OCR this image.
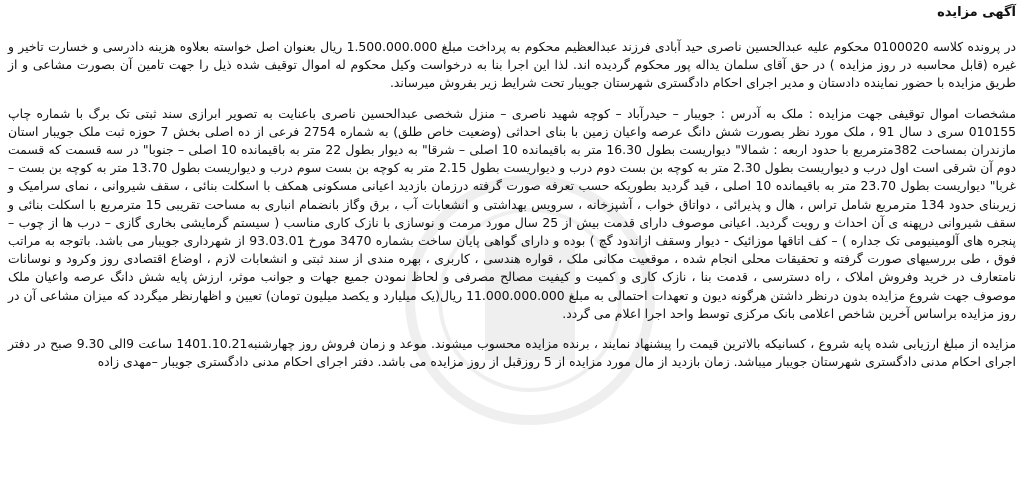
آگهی مزایده

در پرونده کلاسه 0100020 محکوم علیه عبدالحسین ناصری حید آبادی فرزند عبدالعظیم محکوم به پرداخت مبلغ 1.500.000.000 ریال بعنوان اصل خواسته بعلاوه هزینه دادرسی و خسارت تاخیر و غیره (قابل محاسبه در روز مزایده ) در حق آقای سلمان یداله پور محکوم گردیده اند. لذا این اجرا بنا به درخواست وکیل محکوم له اموال توقیف شده ذیل را جهت تامین آن بصورت مشاعی و از طریق مزایده با حضور نماینده دادستان و مدیر اجرای احکام دادگستری شهرستان جویبار تحت شرایط زیر بفروش میرساند.

مشخصات اموال توقیفی جهت مزایده : ملک به آدرس : جویبار – حیدرآباد – کوچه شهید ناصری – منزل شخصی عبدالحسین ناصری باعنایت به تصویر ابرازی سند ثبتی تک برگ با شماره چاپ 010155 سری د سال 91 ، ملک مورد نظر بصورت شش دانگ عرصه واعیان زمین با بنای احداثی (وضعیت خاص طلق) به شماره 2754 فرعی از ده اصلی بخش 7 حوزه ثبت ملک جویبار استان مازندران بمساحت 382مترمربع با حدود اربعه : شمالا" دیواریست بطول 16.30 متر به باقیمانده 10 اصلی – شرقا" به دیوار بطول 22 متر به باقیمانده 10 اصلی – جنوبا" در سه قسمت که قسمت دوم آن شرقی است اول درب و دیواریست بطول 2.30 متر به کوچه بن بست دوم درب و دیواریست بطول 2.15 متر به کوچه بن بست سوم درب و دیواریست بطول 13.70 متر به کوچه بن بست – غربا" دیواریست بطول 23.70 متر به باقیمانده 10 اصلی ، قید گردید بطوریکه حسب تعرفه صورت گرفته درزمان بازدید اعیانی مسکونی همکف با اسکلت بنائی ، سقف شیروانی ، نمای سرامیک و زیربنای حدود 134 مترمربع شامل تراس ، هال و پذیرائی ، دواتاق خواب ، آشپزخانه ، سرویس بهداشتی و انشعابات آب ، برق وگاز بانضمام انباری به مساحت تقریبی 15 مترمربع با اسکلت بنائی و سقف شیروانی درپهنه ی آن احداث و رویت گردید. اعیانی موصوف دارای قدمت بیش از 25 سال مورد مرمت و نوسازی با نازک کاری مناسب ( سیستم گرمایشی بخاری گازی – درب ها از چوب – پنجره های آلومینیومی تک جداره ) – کف اتاقها موزائیک - دیوار وسقف ازاندود گچ ) بوده و دارای گواهی پایان ساخت بشماره 3470 مورخ 93.03.01 از شهرداری جویبار می باشد. باتوجه به مراتب فوق ، طی بررسیهای صورت گرفته و تحقیقات محلی انجام شده ، موقعیت مکانی ملک ، قواره هندسی ، کاربری ، بهره مندی از سند ثبتی و انشعابات لازم ، اوضاع اقتصادی روز وکرود و نوسانات نامتعارف در خرید وفروش املاک ، راه دسترسی ، قدمت بنا ، نازک کاری و کمیت و کیفیت مصالح مصرفی و لحاظ نمودن جمیع جهات و جوانب موثر، ارزش پایه شش دانگ عرصه واعیان ملک موصوف جهت شروع مزایده بدون درنظر داشتن هرگونه دیون و تعهدات احتمالی به مبلغ 11.000.000.000 ریال(یک میلیارد و یکصد میلیون تومان) تعیین و اظهارنظر میگردد که میزان مشاعی آن در روز مزایده براساس آخرین شاخص اعلامی بانک مرکزی توسط واحد اجرا اعلام می گردد.

مزایده از مبلغ ارزیابی شده پایه شروع ، کسانیکه بالاترین قیمت را پیشنهاد نمایند ، برنده مزایده محسوب میشوند. موعد و زمان فروش روز چهارشنبه1401.10.21 ساعت 9الی 9.30 صبح در دفتر اجرای احکام مدنی دادگستری شهرستان جویبار میباشد. زمان بازدید از مال مورد مزایده از 5 روزقبل از روز مزایده می باشد. دفتر اجرای احکام مدنی دادگستری جویبار –مهدی زاده
